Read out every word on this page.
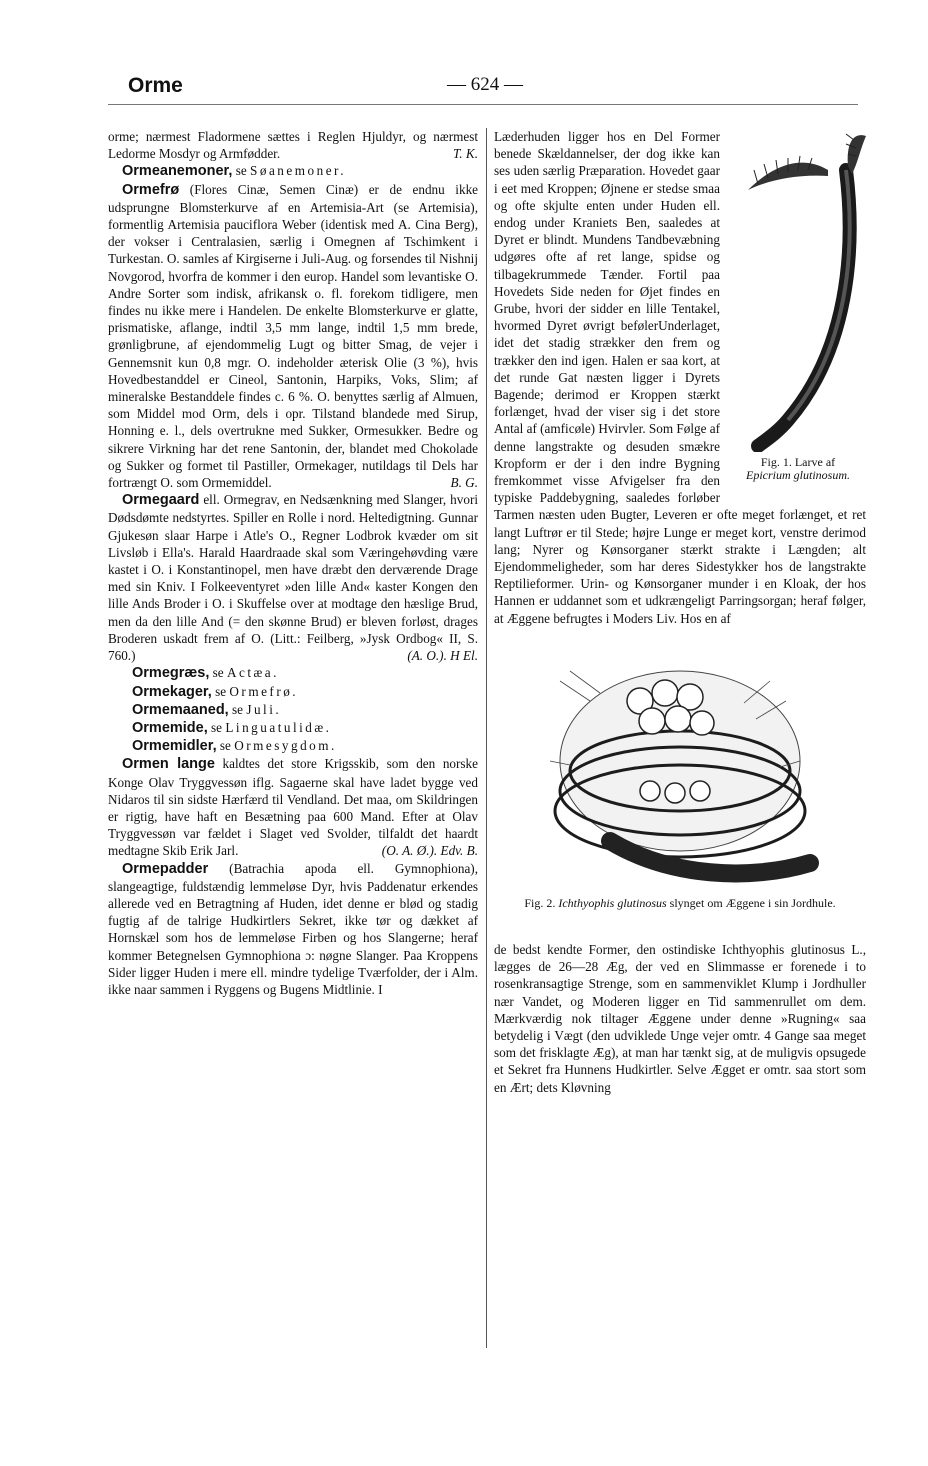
Orme	— 624 —

orme; nærmest Fladormene sættes i Reglen Hjuldyr, og nærmest Ledorme Mosdyr og Armfødder.	T. K.

Ormeanemoner, se Søanemoner.

Ormefrø (Flores Cinæ, Semen Cinæ) er de endnu ikke udsprungne Blomsterkurve af en Artemisia-Art (se Artemisia), formentlig Artemisia pauciflora Weber (identisk med A. Cina Berg), der vokser i Centralasien, særlig i Omegnen af Tschimkent i Turkestan. O. samles af Kirgiserne i Juli-Aug. og forsendes til Nishnij Novgorod, hvorfra de kommer i den europ. Handel som levantiske O. Andre Sorter som indisk, afrikansk o. fl. forekom tidligere, men findes nu ikke mere i Handelen. De enkelte Blomsterkurve er glatte, prismatiske, aflange, indtil 3,5 mm lange, indtil 1,5 mm brede, grønligbrune, af ejendommelig Lugt og bitter Smag, de vejer i Gennemsnit kun 0,8 mgr. O. indeholder æterisk Olie (3 %), hvis Hovedbestanddel er Cineol, Santonin, Harpiks, Voks, Slim; af mineralske Bestanddele findes c. 6 %. O. benyttes særlig af Almuen, som Middel mod Orm, dels i opr. Tilstand blandede med Sirup, Honning e. l., dels overtrukne med Sukker, Ormesukker. Bedre og sikrere Virkning har det rene Santonin, der, blandet med Chokolade og Sukker og formet til Pastiller, Ormekager, nutildags til Dels har fortrængt O. som Ormemiddel.	B. G.

Ormegaard ell. Ormegrav, en Nedsænkning med Slanger, hvori Dødsdømte nedstyrtes. Spiller en Rolle i nord. Heltedigtning. Gunnar Gjukesøn slaar Harpe i Atle's O., Regner Lodbrok kvæder om sit Livsløb i Ella's. Harald Haardraade skal som Væringehøvding være kastet i O. i Konstantinopel, men have dræbt den derværende Drage med sin Kniv. I Folkeeventyret »den lille And« kaster Kongen den lille Ands Broder i O. i Skuffelse over at modtage den hæslige Brud, men da den lille And (= den skønne Brud) er bleven forløst, drages Broderen uskadt frem af O. (Litt.: Feilberg, »Jysk Ordbog« II, S. 760.)	(A. O.). H El.

Ormegræs, se Actæa.

Ormekager, se Ormefrø.

Ormemaaned, se Juli.

Ormemide, se Linguatulidæ.

Ormemidler, se Ormesygdom.

Ormen lange kaldtes det store Krigsskib, som den norske Konge Olav Tryggvessøn iflg. Sagaerne skal have ladet bygge ved Nidaros til sin sidste Hærfærd til Vendland. Det maa, om Skildringen er rigtig, have haft en Besætning paa 600 Mand. Efter at Olav Tryggvessøn var fældet i Slaget ved Svolder, tilfaldt det haardt medtagne Skib Erik Jarl.	(O. A. Ø.). Edv. B.

Ormepadder (Batrachia apoda ell. Gymnophiona), slangeagtige, fuldstændig lemmeløse Dyr, hvis Paddenatur erkendes allerede ved en Betragtning af Huden, idet denne er blød og stadig fugtig af de talrige Hudkirtlers Sekret, ikke tør og dækket af Hornskæl som hos de lemmeløse Firben og hos Slangerne; heraf kommer Betegnelsen Gymnophiona ɔ: nøgne Slanger. Paa Kroppens Sider ligger Huden i mere ell. mindre tydelige Tværfolder, der i Alm. ikke naar sammen i Ryggens og Bugens Midtlinie. I

Fig. 1. Larve af
Epicrium glutinosum.

Læderhuden ligger hos en Del Former benede Skældannelser, der dog ikke kan ses uden særlig Præparation. Hovedet gaar i eet med Kroppen; Øjnene er stedse smaa og ofte skjulte enten under Huden ell. endog under Kraniets Ben, saaledes at Dyret er blindt. Mundens Tandbevæbning udgøres ofte af ret lange, spidse og tilbagekrummede Tænder. Fortil paa Hovedets Side neden for Øjet findes en Grube, hvori der sidder en lille Tentakel, hvormed Dyret øvrigt befølerUnderlaget, idet det stadig strækker den frem og trækker den ind igen. Halen er saa kort, at det runde Gat næsten ligger i Dyrets Bagende; derimod er Kroppen stærkt forlænget, hvad der viser sig i det store Antal af (amficøle) Hvirvler. Som Følge af denne langstrakte og desuden smækre Kropform er der i den indre Bygning fremkommet visse Afvigelser fra den typiske Paddebygning, saaledes forløber Tarmen næsten uden Bugter, Leveren er ofte meget forlænget, et ret langt Luftrør er til Stede; højre Lunge er meget kort, venstre derimod lang; Nyrer og Kønsorganer stærkt strakte i Længden; alt Ejendommeligheder, som har deres Sidestykker hos de langstrakte Reptilieformer. Urin- og Kønsorganer munder i en Kloak, der hos Hannen er uddannet som et udkrængeligt Parringsorgan; heraf følger, at Æggene befrugtes i Moders Liv. Hos en af

Fig. 2. Ichthyophis glutinosus slynget om Æggene i sin Jordhule.

de bedst kendte Former, den ostindiske Ichthyophis glutinosus L., lægges de 26—28 Æg, der ved en Slimmasse er forenede i to rosenkransagtige Strenge, som en sammenviklet Klump i Jordhuller nær Vandet, og Moderen ligger en Tid sammenrullet om dem. Mærkværdig nok tiltager Æggene under denne »Rugning« saa betydelig i Vægt (den udviklede Unge vejer omtr. 4 Gange saa meget som det frisklagte Æg), at man har tænkt sig, at de muligvis opsugede et Sekret fra Hunnens Hudkirtler. Selve Ægget er omtr. saa stort som en Ært; dets Kløvning
